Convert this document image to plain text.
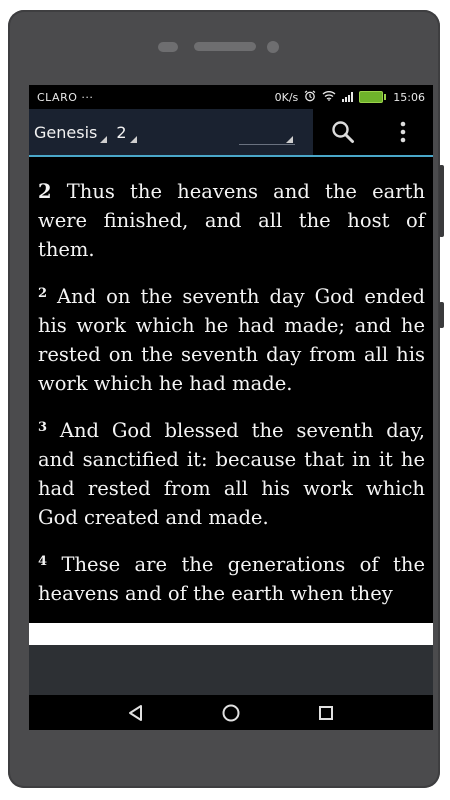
CLARO ···	0K/s	15:06
Genesis 2

2 Thus the heavens and the earth were finished, and all the host of them.

$^2$ And on the seventh day God ended his work which he had made; and he rested on the seventh day from all his work which he had made.

$^3$ And God blessed the seventh day, and sanctified it: because that in it he had rested from all his work which God created and made.

$^4$ These are the generations of the heavens and of the earth when they
